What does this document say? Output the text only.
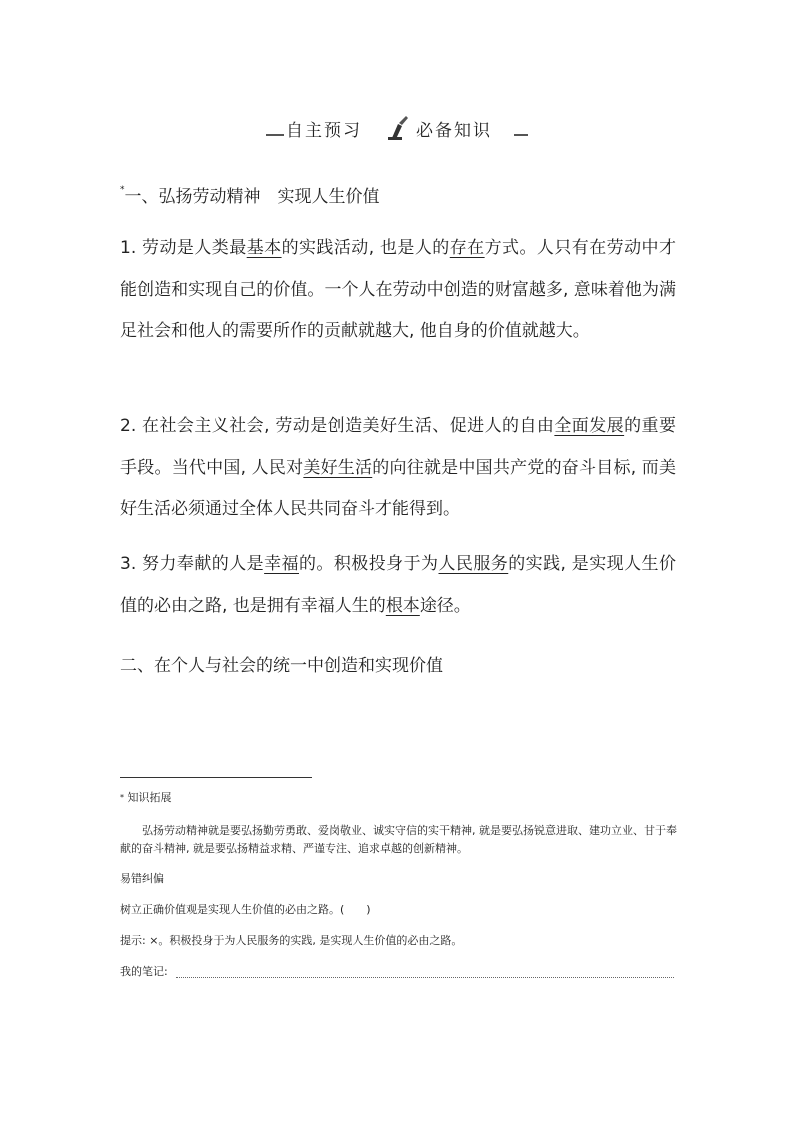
自主预习	必备知识
*一、弘扬劳动精神　实现人生价值
1. 劳动是人类最基本的实践活动, 也是人的存在方式。人只有在劳动中才能创造和实现自己的价值。一个人在劳动中创造的财富越多, 意味着他为满足社会和他人的需要所作的贡献就越大, 他自身的价值就越大。
2. 在社会主义社会, 劳动是创造美好生活、促进人的自由全面发展的重要手段。当代中国, 人民对美好生活的向往就是中国共产党的奋斗目标, 而美好生活必须通过全体人民共同奋斗才能得到。
3. 努力奉献的人是幸福的。积极投身于为人民服务的实践, 是实现人生价值的必由之路, 也是拥有幸福人生的根本途径。
二、在个人与社会的统一中创造和实现价值
* 知识拓展
弘扬劳动精神就是要弘扬勤劳勇敢、爱岗敬业、诚实守信的实干精神, 就是要弘扬锐意进取、建功立业、甘于奉献的奋斗精神, 就是要弘扬精益求精、严谨专注、追求卓越的创新精神。
易错纠偏
树立正确价值观是实现人生价值的必由之路。(　　)
提示: ×。积极投身于为人民服务的实践, 是实现人生价值的必由之路。
我的笔记:
